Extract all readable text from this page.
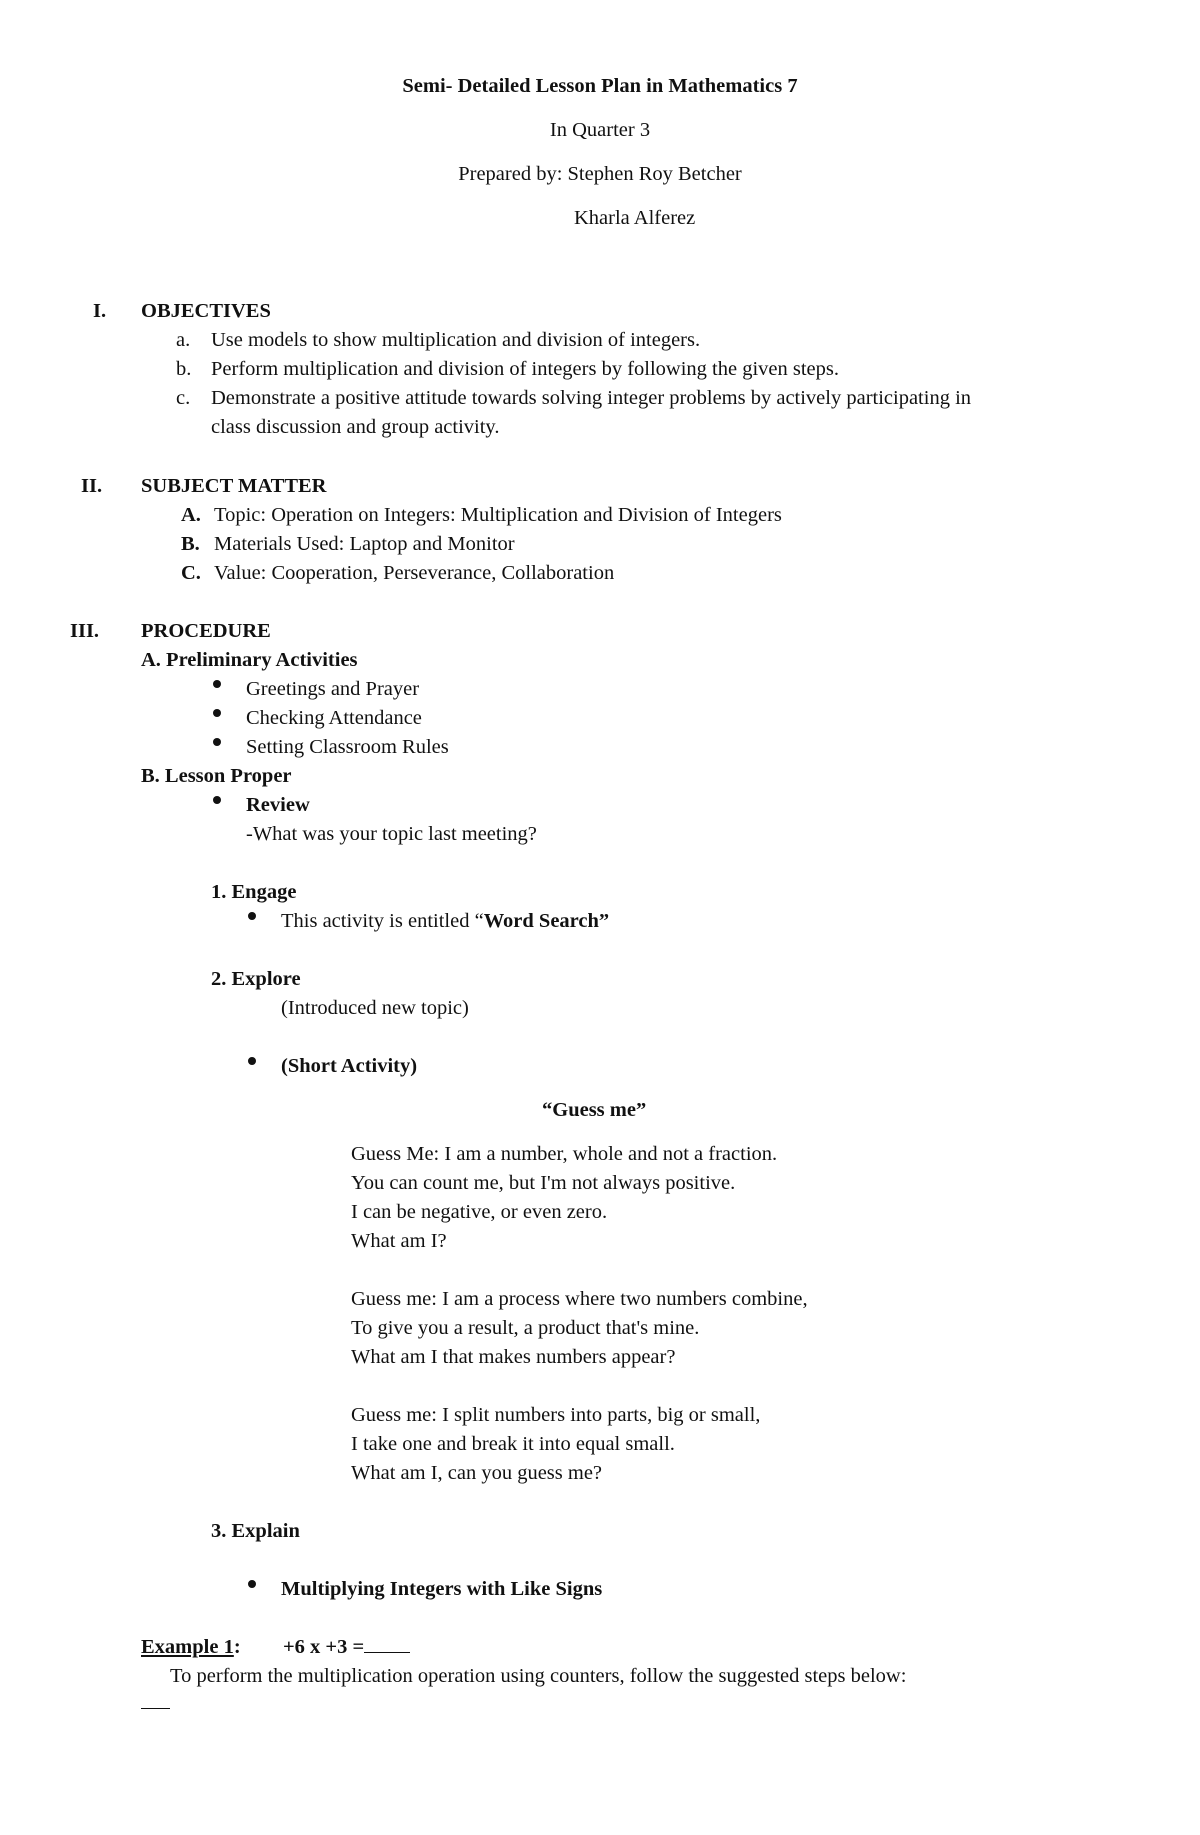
Semi- Detailed Lesson Plan in Mathematics 7
In Quarter 3
Prepared by: Stephen Roy Betcher
Kharla Alferez
I. OBJECTIVES
a. Use models to show multiplication and division of integers.
b. Perform multiplication and division of integers by following the given steps.
c. Demonstrate a positive attitude towards solving integer problems by actively participating in
class discussion and group activity.
II. SUBJECT MATTER
A. Topic: Operation on Integers: Multiplication and Division of Integers
B. Materials Used: Laptop and Monitor
C. Value: Cooperation, Perseverance, Collaboration
III. PROCEDURE
A. Preliminary Activities
Greetings and Prayer
Checking Attendance
Setting Classroom Rules
B. Lesson Proper
Review
-What was your topic last meeting?
1. Engage
This activity is entitled “Word Search”
2. Explore
(Introduced new topic)
(Short Activity)
“Guess me”
Guess Me: I am a number, whole and not a fraction.
You can count me, but I'm not always positive.
I can be negative, or even zero.
What am I?
Guess me: I am a process where two numbers combine,
To give you a result, a product that's mine.
What am I that makes numbers appear?
Guess me: I split numbers into parts, big or small,
I take one and break it into equal small.
What am I, can you guess me?
3. Explain
Multiplying Integers with Like Signs
Example 1: +6 x +3 =
To perform the multiplication operation using counters, follow the suggested steps below:
